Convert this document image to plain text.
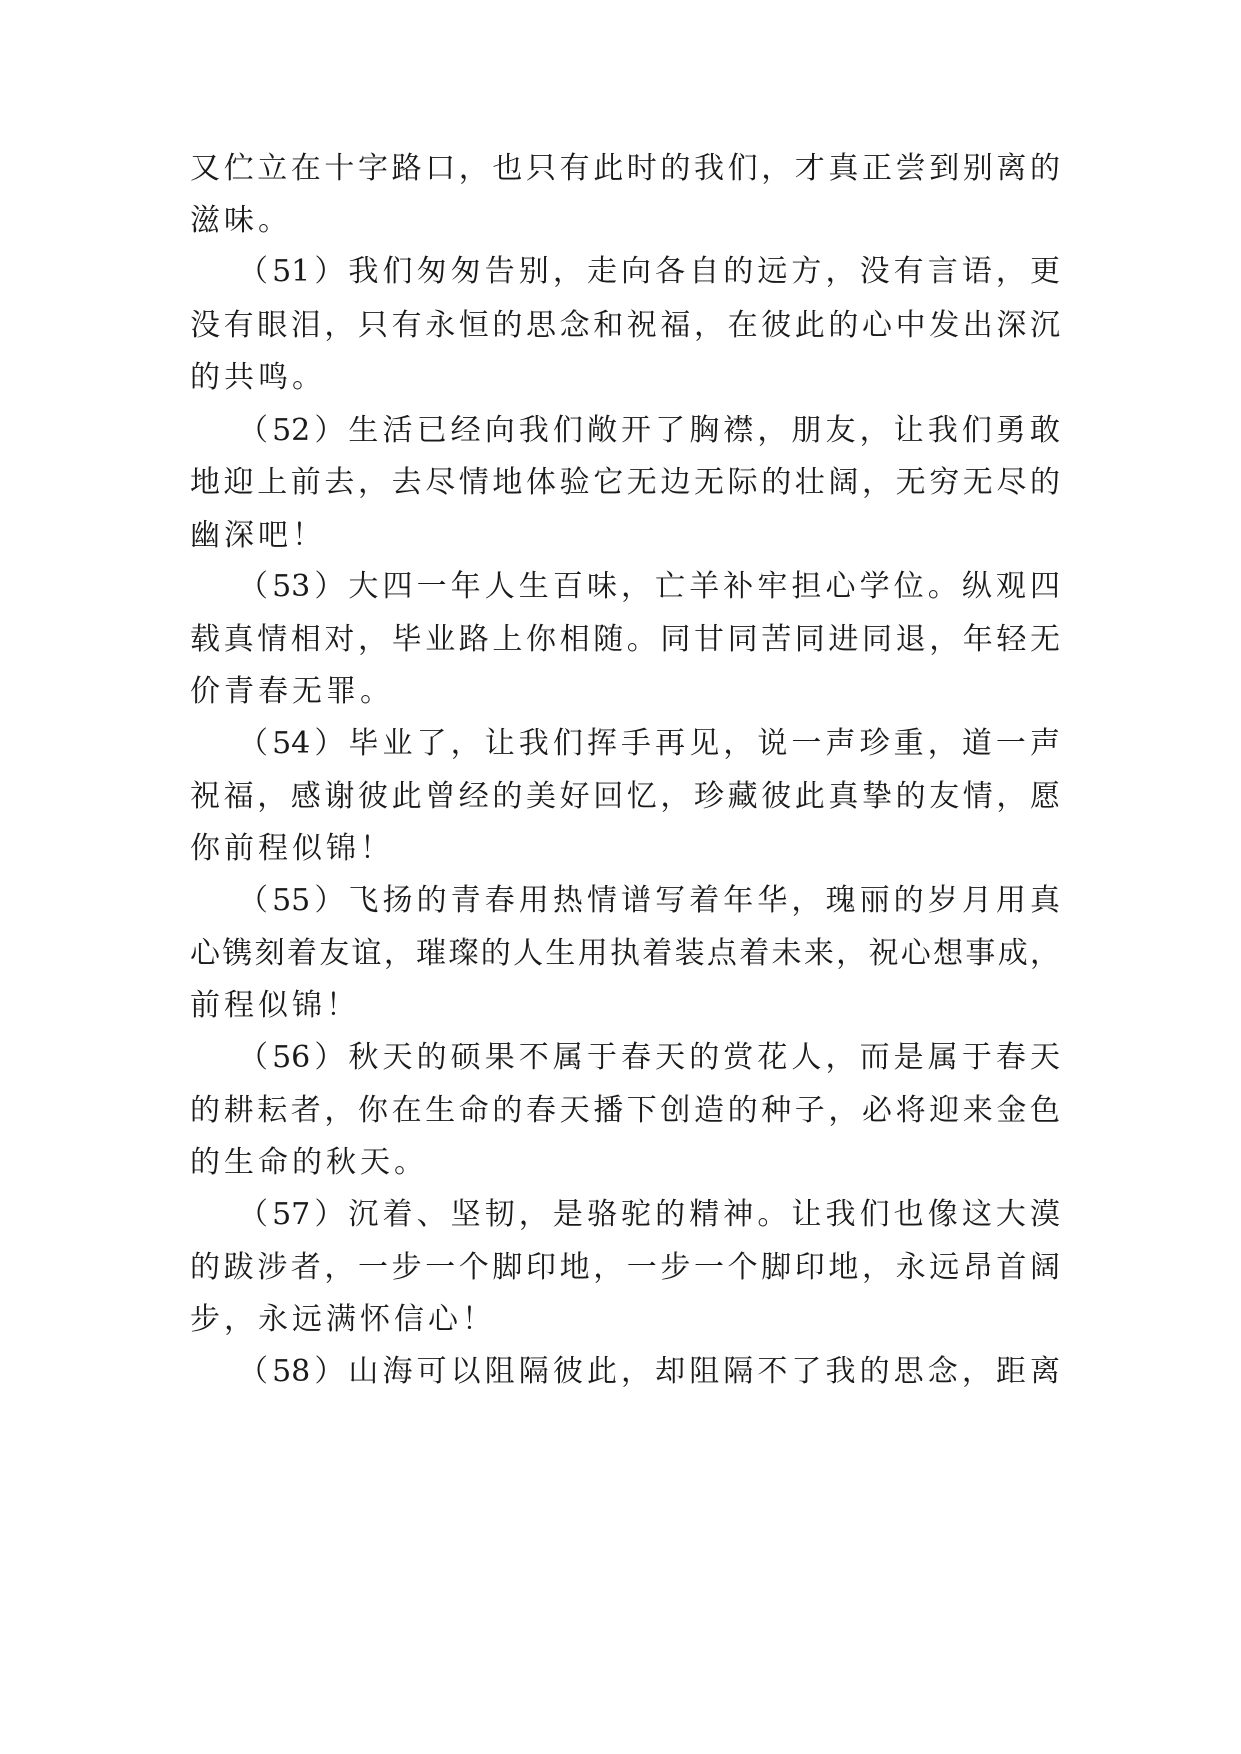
又伫立在十字路口，也只有此时的我们，才真正尝到别离的
滋味。
（51）我们匆匆告别，走向各自的远方，没有言语，更
没有眼泪，只有永恒的思念和祝福，在彼此的心中发出深沉
的共鸣。
（52）生活已经向我们敞开了胸襟，朋友，让我们勇敢
地迎上前去，去尽情地体验它无边无际的壮阔，无穷无尽的
幽深吧！
（53）大四一年人生百味，亡羊补牢担心学位。纵观四
载真情相对，毕业路上你相随。同甘同苦同进同退，年轻无
价青春无罪。
（54）毕业了，让我们挥手再见，说一声珍重，道一声
祝福，感谢彼此曾经的美好回忆，珍藏彼此真挚的友情，愿
你前程似锦！
（55）飞扬的青春用热情谱写着年华，瑰丽的岁月用真
心镌刻着友谊，璀璨的人生用执着装点着未来，祝心想事成，
前程似锦！
（56）秋天的硕果不属于春天的赏花人，而是属于春天
的耕耘者，你在生命的春天播下创造的种子，必将迎来金色
的生命的秋天。
（57）沉着、坚韧，是骆驼的精神。让我们也像这大漠
的跋涉者，一步一个脚印地，一步一个脚印地，永远昂首阔
步，永远满怀信心！
（58）山海可以阻隔彼此，却阻隔不了我的思念，距离
